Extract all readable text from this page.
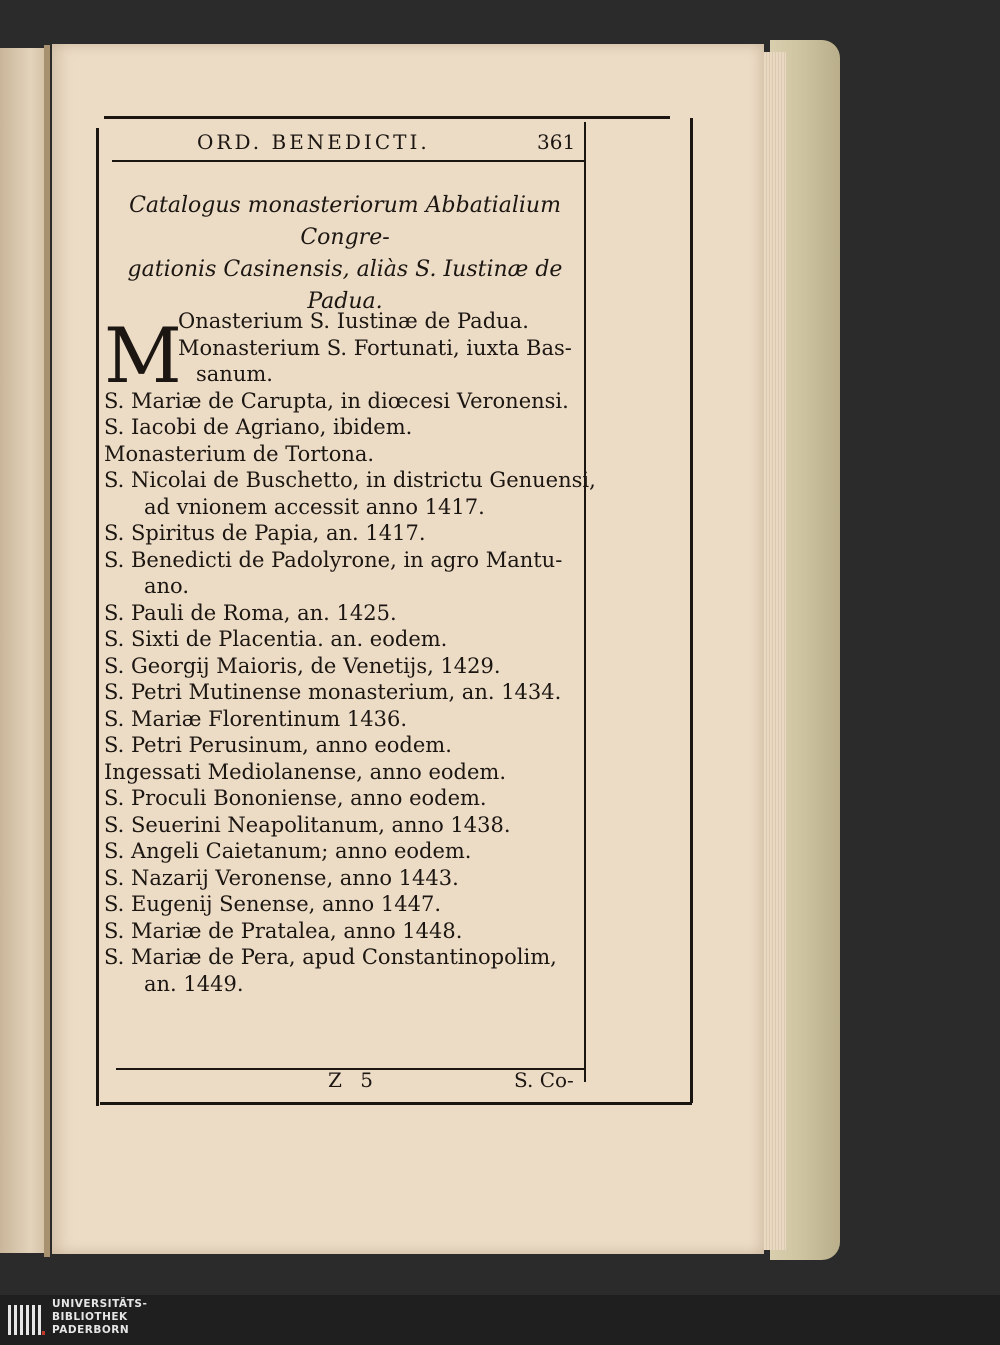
ORD. BENEDICTI.	361
Catalogus monasteriorum Abbatialium Congre-
gationis Casinensis, aliàs S. Iustinæ de
Padua.
M
Onasterium S. Iustinæ de Padua.
Monasterium S. Fortunati, iuxta Bas-
sanum.
S. Mariæ de Carupta, in diœcesi Veronensi.
S. Iacobi de Agriano, ibidem.
Monasterium de Tortona.
S. Nicolai de Buschetto, in districtu Genuensi,
ad vnionem accessit anno 1417.
S. Spiritus de Papia, an. 1417.
S. Benedicti de Padolyrone, in agro Mantu-
ano.
S. Pauli de Roma, an. 1425.
S. Sixti de Placentia. an. eodem.
S. Georgij Maioris, de Venetijs, 1429.
S. Petri Mutinense monasterium, an. 1434.
S. Mariæ Florentinum 1436.
S. Petri Perusinum, anno eodem.
Ingessati Mediolanense, anno eodem.
S. Proculi Bononiense, anno eodem.
S. Seuerini Neapolitanum, anno 1438.
S. Angeli Caietanum; anno eodem.
S. Nazarij Veronense, anno 1443.
S. Eugenij Senense, anno 1447.
S. Mariæ de Pratalea, anno 1448.
S. Mariæ de Pera, apud Constantinopolim,
an. 1449.
Z 5	S. Co-
UNIVERSITÄTS-
BIBLIOTHEK
PADERBORN
